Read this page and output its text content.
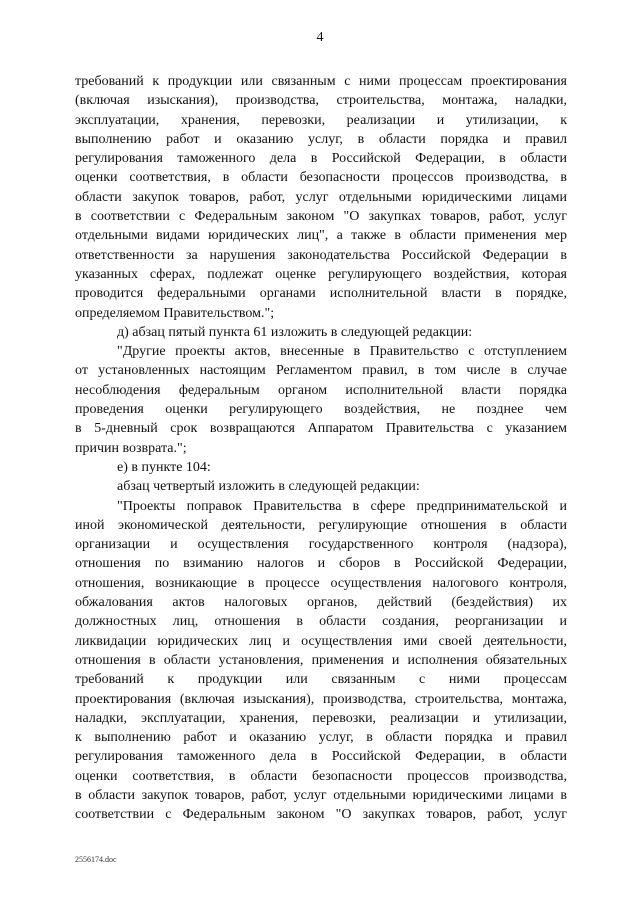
4
требований к продукции или связанным с ними процессам проектирования
(включая изыскания), производства, строительства, монтажа, наладки,
эксплуатации, хранения, перевозки, реализации и утилизации, к
выполнению работ и оказанию услуг, в области порядка и правил
регулирования таможенного дела в Российской Федерации, в области
оценки соответствия, в области безопасности процессов производства, в
области закупок товаров, работ, услуг отдельными юридическими лицами
в соответствии с Федеральным законом "О закупках товаров, работ, услуг
отдельными видами юридических лиц", а также в области применения мер
ответственности за нарушения законодательства Российской Федерации в
указанных сферах, подлежат оценке регулирующего воздействия, которая
проводится федеральными органами исполнительной власти в порядке,
определяемом Правительством.";
д) абзац пятый пункта 61 изложить в следующей редакции:
"Другие проекты актов, внесенные в Правительство с отступлением
от установленных настоящим Регламентом правил, в том числе в случае
несоблюдения федеральным органом исполнительной власти порядка
проведения оценки регулирующего воздействия, не позднее чем
в 5-дневный срок возвращаются Аппаратом Правительства с указанием
причин возврата.";
е) в пункте 104:
абзац четвертый изложить в следующей редакции:
"Проекты поправок Правительства в сфере предпринимательской и
иной экономической деятельности, регулирующие отношения в области
организации и осуществления государственного контроля (надзора),
отношения по взиманию налогов и сборов в Российской Федерации,
отношения, возникающие в процессе осуществления налогового контроля,
обжалования актов налоговых органов, действий (бездействия) их
должностных лиц, отношения в области создания, реорганизации и
ликвидации юридических лиц и осуществления ими своей деятельности,
отношения в области установления, применения и исполнения обязательных
требований к продукции или связанным с ними процессам
проектирования (включая изыскания), производства, строительства, монтажа,
наладки, эксплуатации, хранения, перевозки, реализации и утилизации,
к выполнению работ и оказанию услуг, в области порядка и правил
регулирования таможенного дела в Российской Федерации, в области
оценки соответствия, в области безопасности процессов производства,
в области закупок товаров, работ, услуг отдельными юридическими лицами в
соответствии с Федеральным законом "О закупках товаров, работ, услуг
2556174.doc
